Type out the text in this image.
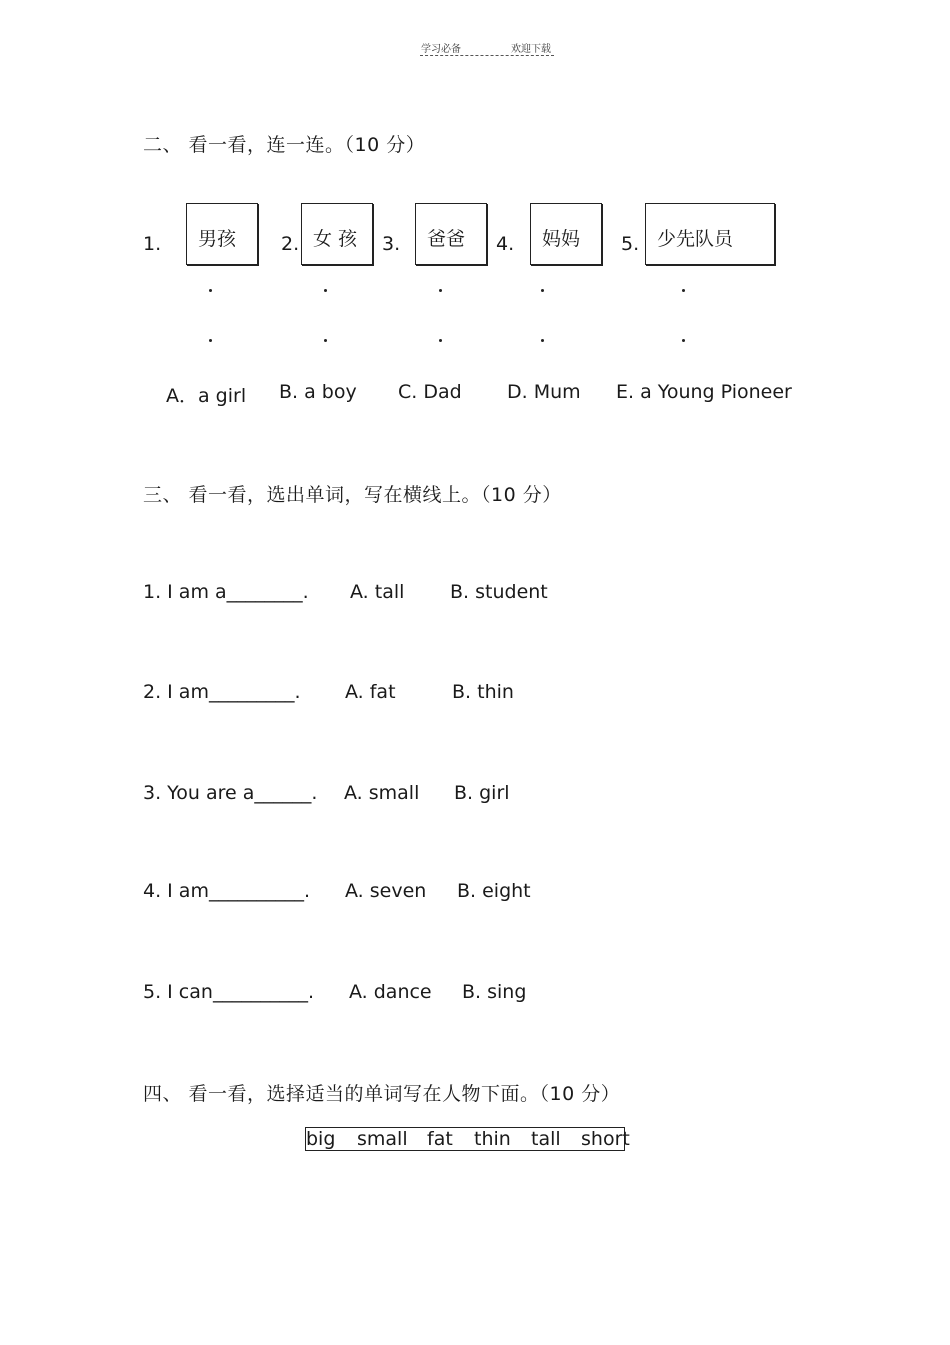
学习必备	欢迎下载
二、 看一看，连一连。（10 分）
1. 男孩 2. 女 孩 3. 爸爸 4. 妈妈 5. 少先队员
A．a girl B. a boy C. Dad D. Mum E. a Young Pioneer
三、 看一看，选出单词，写在横线上。（10 分）
1. I am a________. A. tall B. student
2. I am_________. A. fat	B. thin
3. You are a______. A. small B. girl
4. I am__________. A. seven B. eight
5. I can__________. A. dance B. sing
四、 看一看，选择适当的单词写在人物下面。（10 分）
big small fat thin tall short
